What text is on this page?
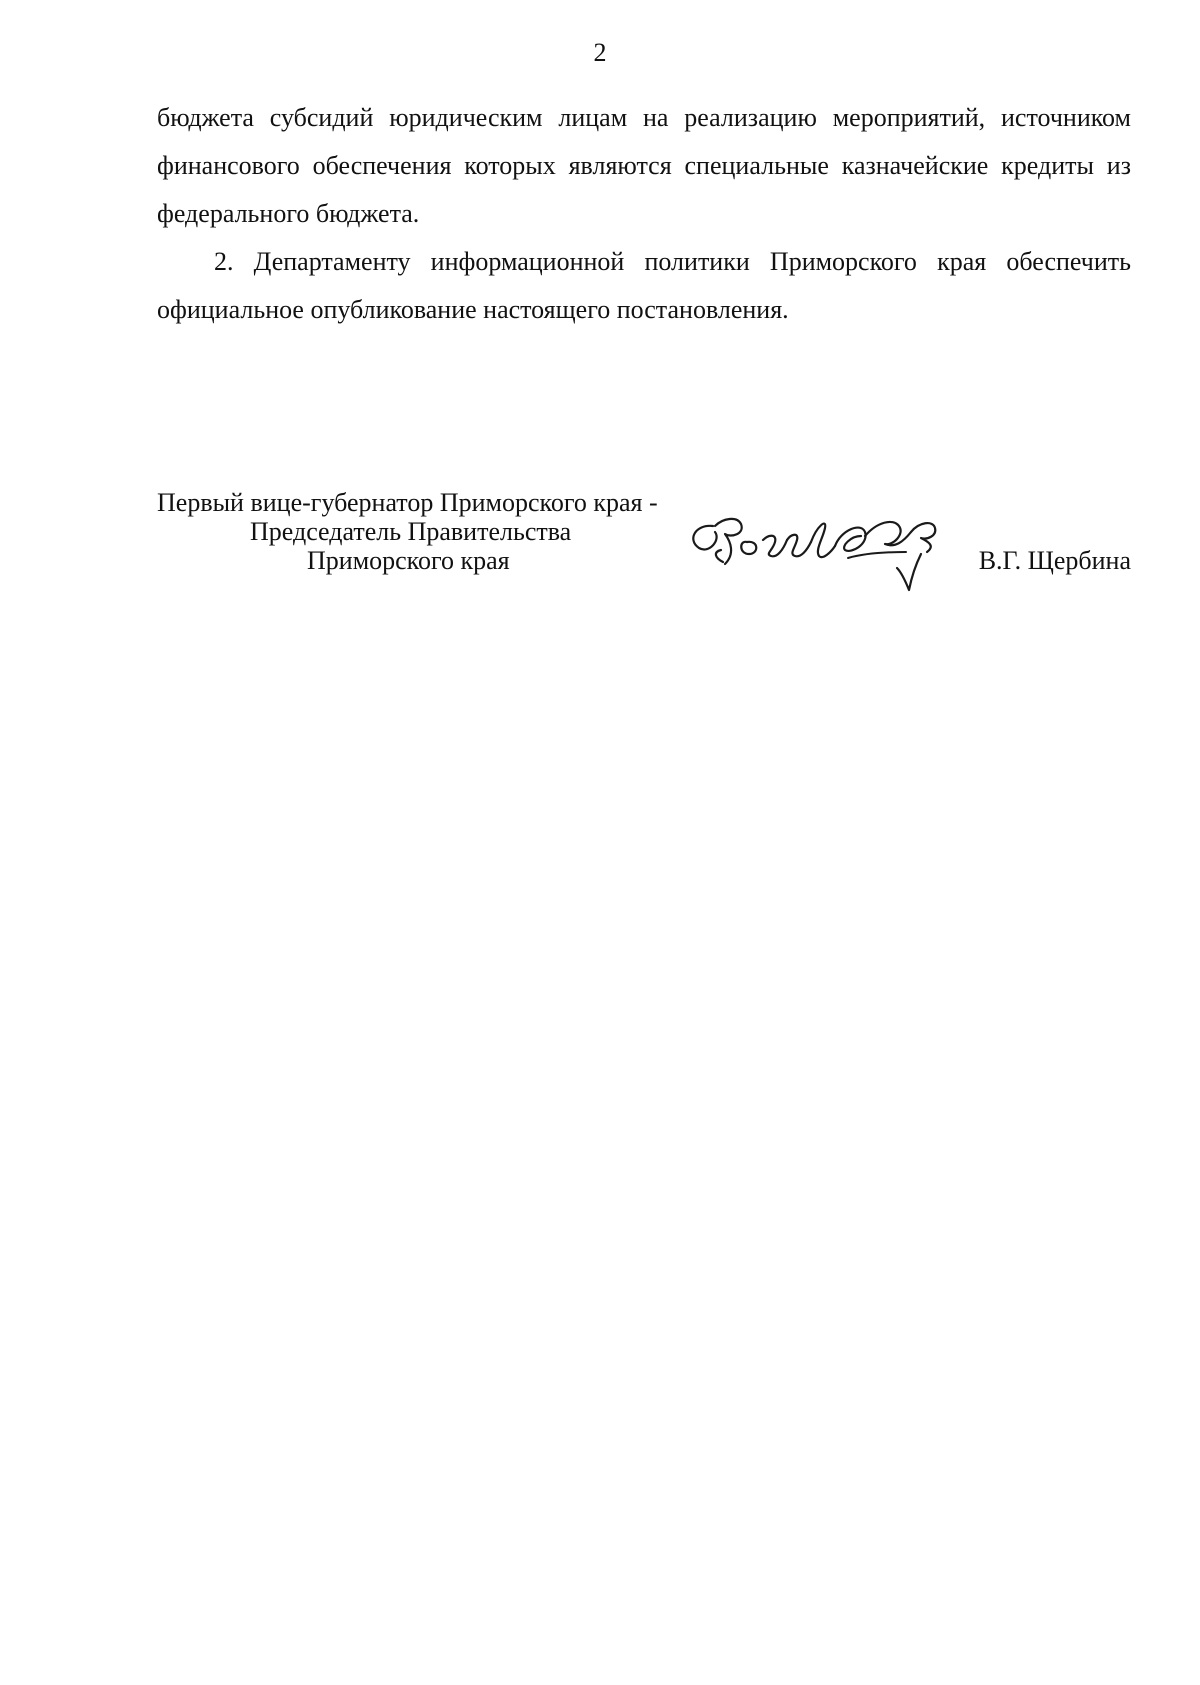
2

бюджета субсидий юридическим лицам на реализацию мероприятий, источником финансового обеспечения которых являются специальные казначейские кредиты из федерального бюджета.

2. Департаменту информационной политики Приморского края обеспечить официальное опубликование настоящего постановления.

Первый вице-губернатор Приморского края -
Председатель Правительства
Приморского края	В.Г. Щербина
